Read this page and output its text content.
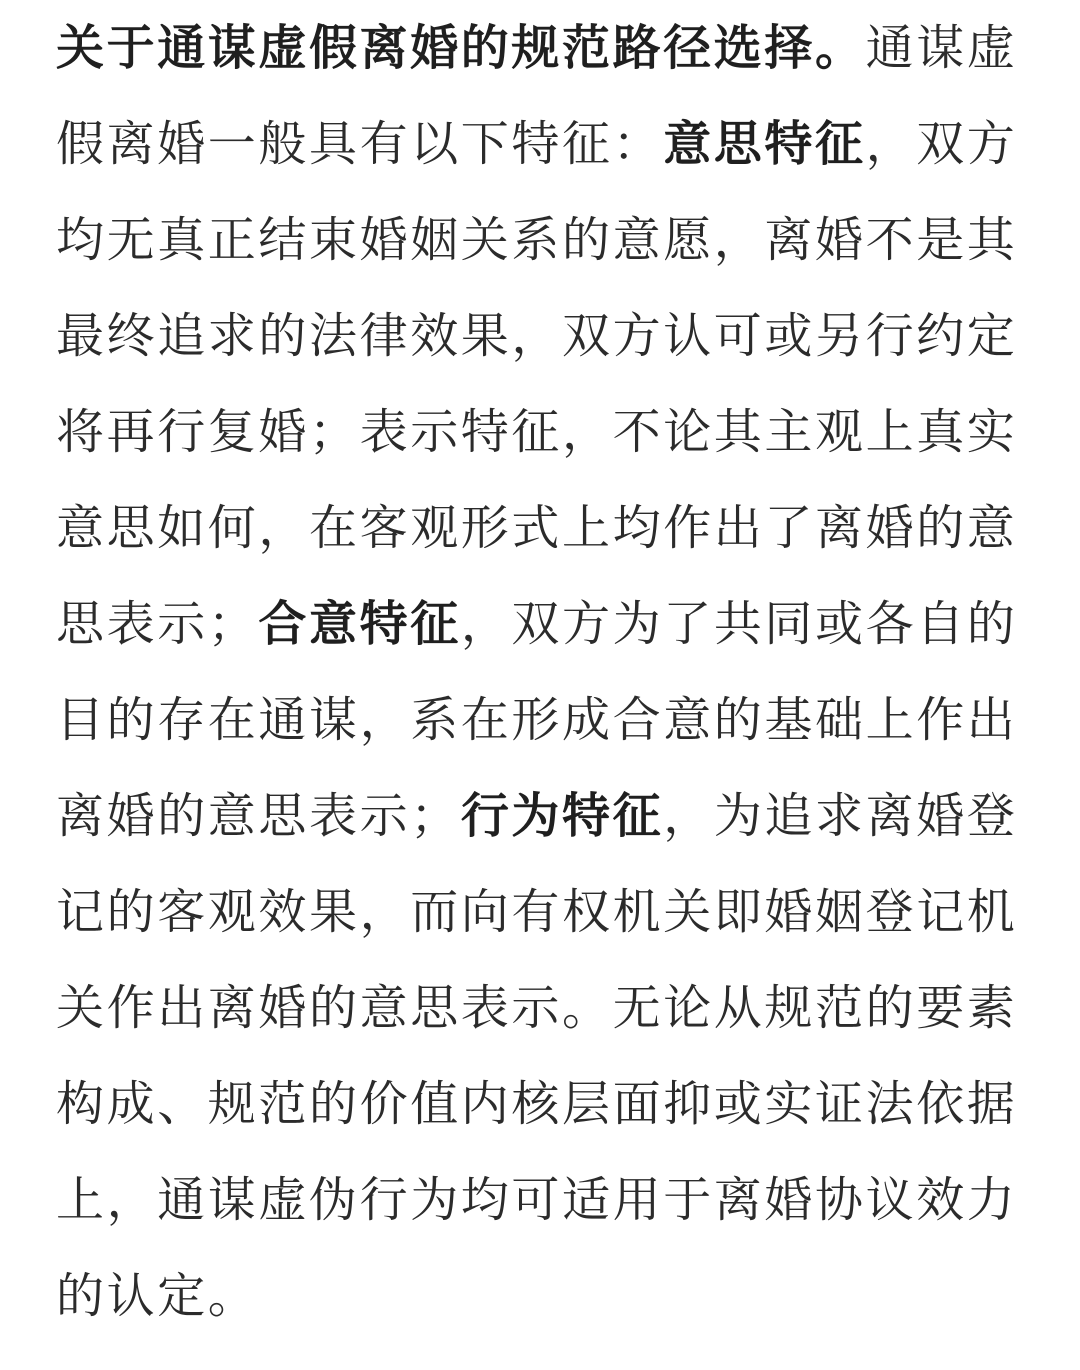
关于通谋虚假离婚的规范路径选择。通谋虚
假离婚一般具有以下特征：意思特征，双方
均无真正结束婚姻关系的意愿，离婚不是其
最终追求的法律效果，双方认可或另行约定
将再行复婚；表示特征，不论其主观上真实
意思如何，在客观形式上均作出了离婚的意
思表示；合意特征，双方为了共同或各自的
目的存在通谋，系在形成合意的基础上作出
离婚的意思表示；行为特征，为追求离婚登
记的客观效果，而向有权机关即婚姻登记机
关作出离婚的意思表示。无论从规范的要素
构成、规范的价值内核层面抑或实证法依据
上，通谋虚伪行为均可适用于离婚协议效力
的认定。
